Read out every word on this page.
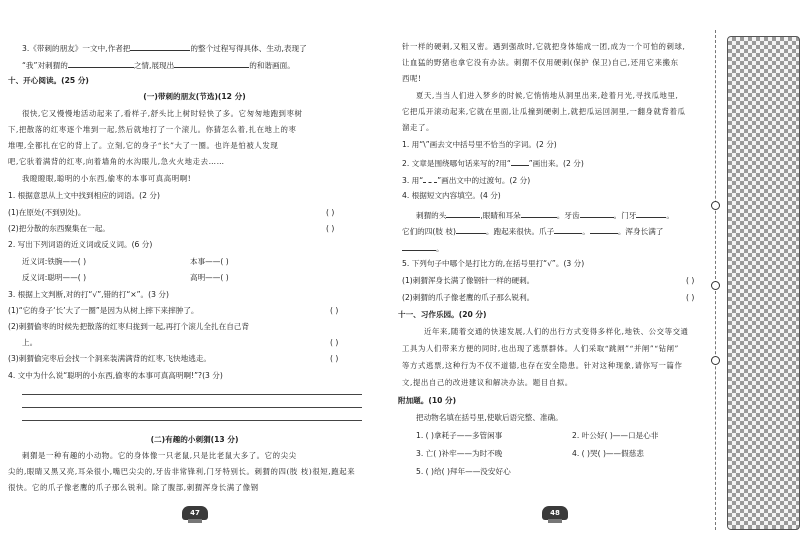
3.《带刺的朋友》一文中,作者把	的整个过程写得具体、生动,表现了
“我”对刺猬的	之情,展现出	的和谐画面。
十、开心阅读。(25 分)
(一)带刺的朋友(节选)(12 分)
很快,它又慢慢地活动起来了,看样子,舒头比上树时轻快了多。它匆匆地跑到枣树
下,把散落的红枣逐个堆到一起,然后就地打了一个滚儿。你猜怎么着,扎在地上的枣
堆哩,全都扎在它的背上了。立刻,它的身子“长”大了一圈。也许是怕被人发现
吧,它驮着满背的红枣,向着墙角的水沟眼儿,急火火地走去……
我瞪瞪眼,聪明的小东西,偷枣的本事可真高明啊!
1. 根据意思从上文中找到相应的词语。(2 分)
(1)在原处(不到别处)。	( )
(2)把分散的东西聚集在一起。	( )
2. 写出下列词语的近义词或反义词。(6 分)
近义词:铁腕——( )	本事——( )
反义词:聪明——( )	高明——( )
3. 根据上文判断,对的打“√”,错的打“×”。(3 分)
(1)“它的身子‘长’大了一圈”是因为从树上摔下来摔肿了。	( )
(2)刺猬偷枣的时候先把散落的红枣归拢到一起,再打个滚儿全扎在自己背
上。	( )
(3)刺猬偷完枣后会找一个洞来装满满背的红枣,飞快地逃走。	( )
4. 文中为什么说“聪明的小东西,偷枣的本事可真高明啊!”?(3 分)
(二)有趣的小刺猬(13 分)
刺猬是一种有趣的小动物。它的身体像一只老鼠,只是比老鼠大多了。它的尖尖
尖的,眼睛又黑又亮,耳朵很小,嘴巴尖尖的,牙齿非常锋利,门牙特别长。刺猬的四(肢 枝)很短,跑起来
很快。它的爪子像老鹰的爪子那么锐利。除了腹部,刺猬浑身长满了像钢
47
针一样的硬刺,又粗又密。遇到强敌时,它就把身体缩成一团,成为一个可怕的刺球,
让血猛的野猪也拿它没有办法。刺猬不仅用硬刺(保护 保卫)自己,还用它来搬东
西呢!
夏天,当当人们进入梦乡的时候,它悄悄地从洞里出来,趁着月光,寻找瓜地里,
它把瓜开滚动起来,它就在里面,让瓜撞到硬刺上,就把瓜运回洞里,一翻身就背着瓜
溜走了。
1. 用“\”画去文中括号里不恰当的字词。(2 分)
2. 文章是围绕哪句话来写的?用“ ”画出来。(2 分)
3. 用“ ”画出文中的过渡句。(2 分)
4. 根据短文内容填空。(4 分)
刺猬的头	,眼睛和耳朵	。牙齿	。门牙	。
它们的四(肢 枝)	。跑起来很快。爪子	。	。浑身长满了
。
5. 下列句子中哪个是打比方的,在括号里打“√”。(3 分)
(1)刺猬浑身长满了像钢针一样的硬刺。	( )
(2)刺猬的爪子像老鹰的爪子那么锐利。	( )
十一、习作乐园。(20 分)
近年来,随着交通的快速发展,人们的出行方式变得多样化,地铁、公交等交通
工具为人们带来方便的同时,也出现了逃票群体。人们采取“跳闸”“并闸”“钻闸”
等方式逃票,这种行为不仅不道德,也存在安全隐患。针对这种现象,请你写一篇作
文,提出自己的改进建议和解决办法。题目自拟。
附加题。(10 分)
把动物名填在括号里,使歇后语完整、准确。
1. ( )拿耗子——多管闲事	2. 叶公好( )——口是心非
3. 亡( )补牢——为时不晚	4. ( )哭( )——假慈悲
5. ( )给( )拜年——没安好心
48
